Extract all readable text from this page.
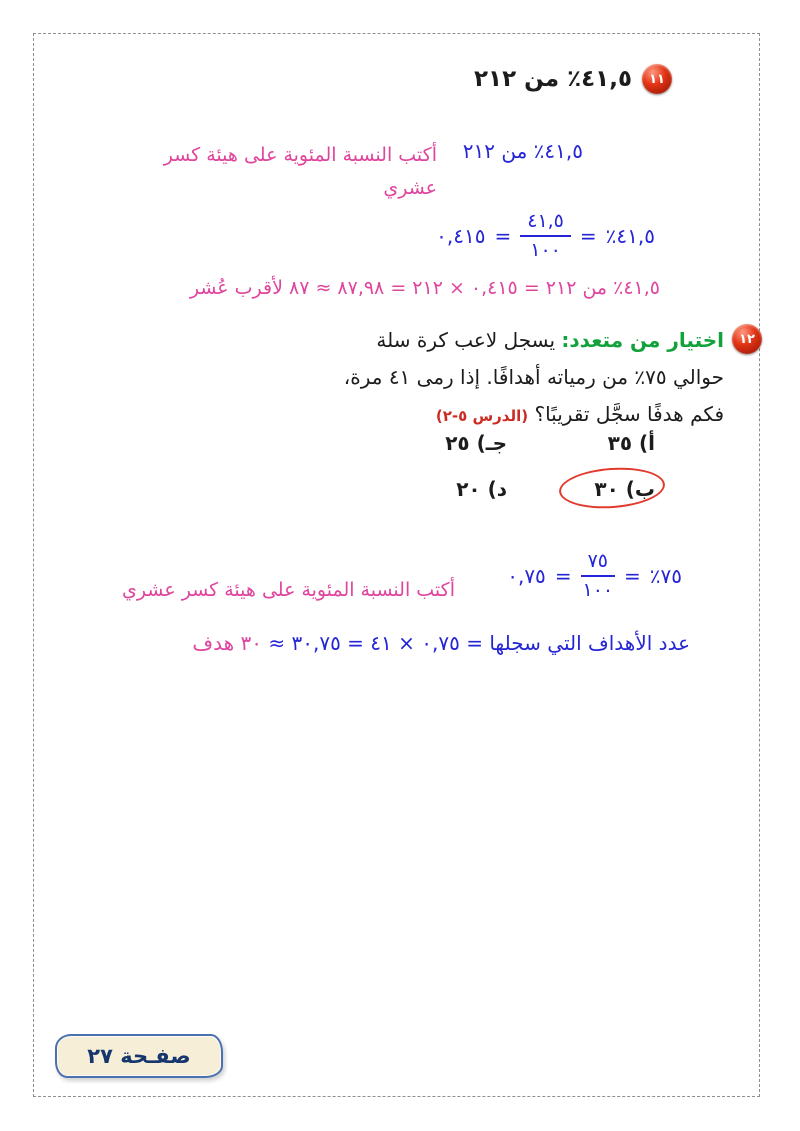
١١
٤١,٥٪ من ٢١٢
٤١,٥٪ من ٢١٢
أكتب النسبة المئوية على هيئة كسر
عشري
٤١,٥٪
=
$\frac{٤١,٥}{١٠٠}$
=
٠,٤١٥
٤١,٥٪ من ٢١٢ = ٠,٤١٥ × ٢١٢ = ٨٧,٩٨ ≈ ٨٧ لأقرب عُشر
١٢
اختيار من متعدد: يسجل لاعب كرة سلة
حوالي ٧٥٪ من رمياته أهدافًا. إذا رمى ٤١ مرة،
فكم هدفًا سجَّل تقريبًا؟ (الدرس ٥-٢)
أ) ٣٥
جـ) ٢٥
ب) ٣٠
د) ٢٠
٧٥٪
=
$\frac{٧٥}{١٠٠}$
=
٠,٧٥
أكتب النسبة المئوية على هيئة كسر عشري
عدد الأهداف التي سجلها = ٠,٧٥ × ٤١ = ٣٠,٧٥ ≈ ٣٠ هدف
صفـحة ٢٧
